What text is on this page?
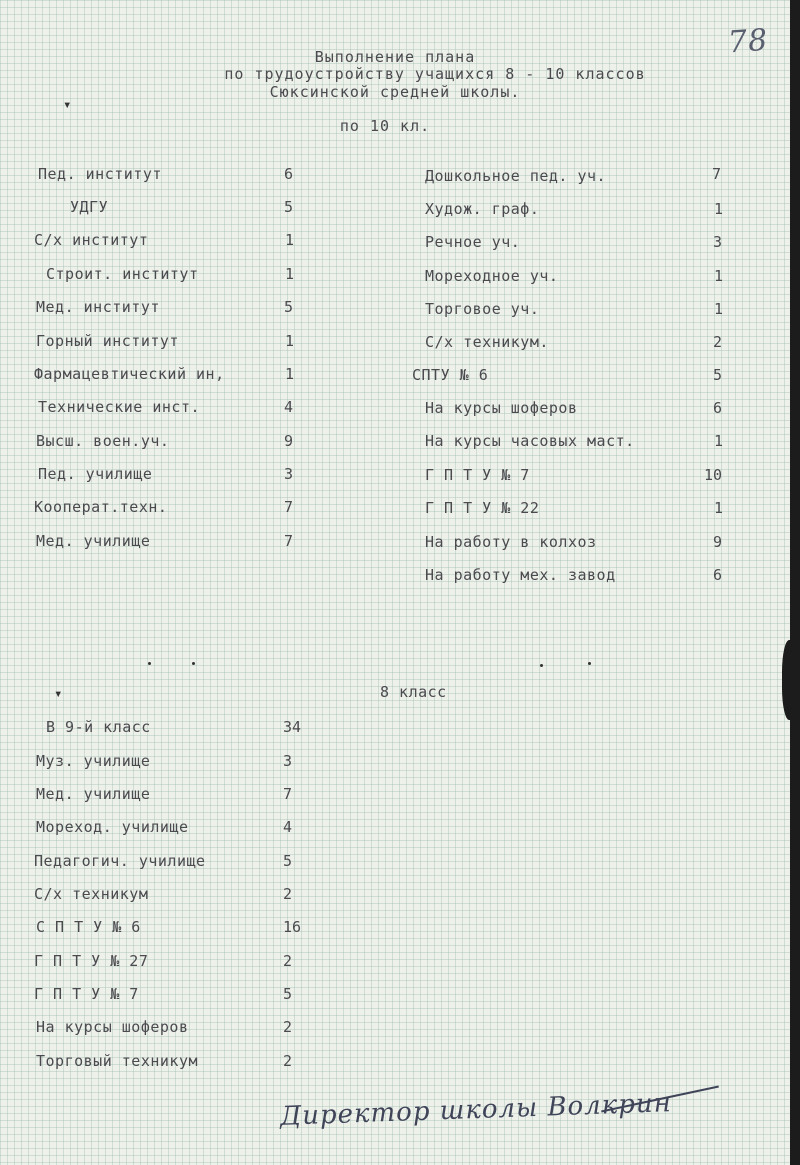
78
Выполнение плана
по трудоустройству учащихся 8 - 10 классов
Сюксинской средней школы.
по 10 кл.
▾
Пед. институт	6
УДГУ	5
С/х институт	1
Строит. институт	1
Мед. институт	5
Горный институт	1
Фармацевтический ин,	1
Технические инст.	4
Высш. воен.уч.	9
Пед. училище	3
Кооперат.техн.	7
Мед. училище	7
Дошкольное пед. уч.	7
Худож. граф.	1
Речное уч.	3
Мореходное уч.	1
Торговое уч.	1
С/х техникум.	2
СПТУ № 6	5
На курсы шоферов	6
На курсы часовых маст.	1
Г П Т У № 7	10
Г П Т У № 22	1
На работу в колхоз	9
На работу мех. завод	6
▾	8 класс
В 9-й класс	34
Муз. училище	3
Мед. училище	7
Мореход. училище	4
Педагогич. училище	5
С/х техникум	2
С П Т У № 6	16
Г П Т У № 27	2
Г П Т У № 7	5
На курсы шоферов	2
Торговый техникум	2
Директор школы Волкрин
